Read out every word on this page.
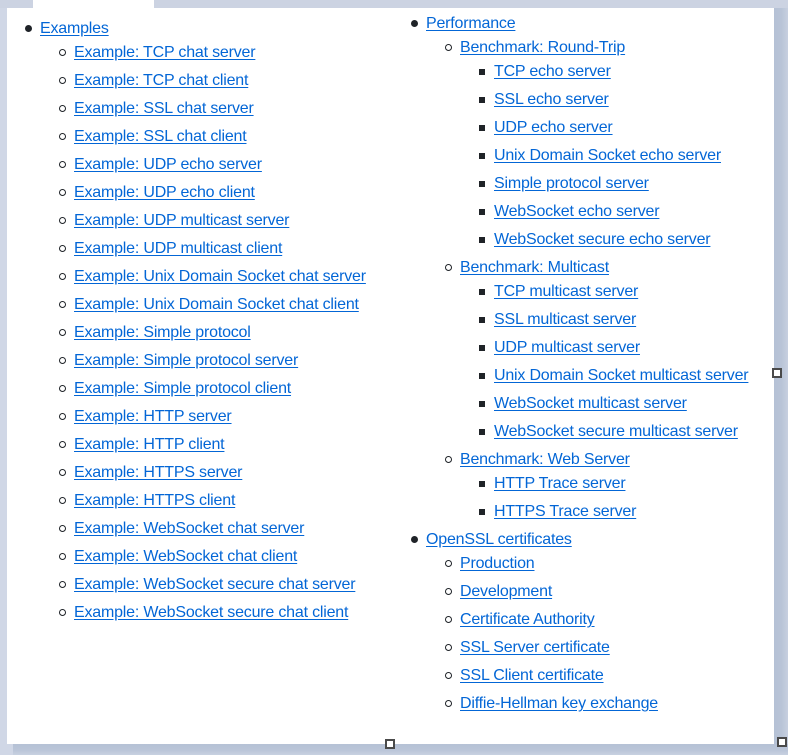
Examples
Example: TCP chat server
Example: TCP chat client
Example: SSL chat server
Example: SSL chat client
Example: UDP echo server
Example: UDP echo client
Example: UDP multicast server
Example: UDP multicast client
Example: Unix Domain Socket chat server
Example: Unix Domain Socket chat client
Example: Simple protocol
Example: Simple protocol server
Example: Simple protocol client
Example: HTTP server
Example: HTTP client
Example: HTTPS server
Example: HTTPS client
Example: WebSocket chat server
Example: WebSocket chat client
Example: WebSocket secure chat server
Example: WebSocket secure chat client
Performance
Benchmark: Round-Trip
TCP echo server
SSL echo server
UDP echo server
Unix Domain Socket echo server
Simple protocol server
WebSocket echo server
WebSocket secure echo server
Benchmark: Multicast
TCP multicast server
SSL multicast server
UDP multicast server
Unix Domain Socket multicast server
WebSocket multicast server
WebSocket secure multicast server
Benchmark: Web Server
HTTP Trace server
HTTPS Trace server
OpenSSL certificates
Production
Development
Certificate Authority
SSL Server certificate
SSL Client certificate
Diffie-Hellman key exchange
